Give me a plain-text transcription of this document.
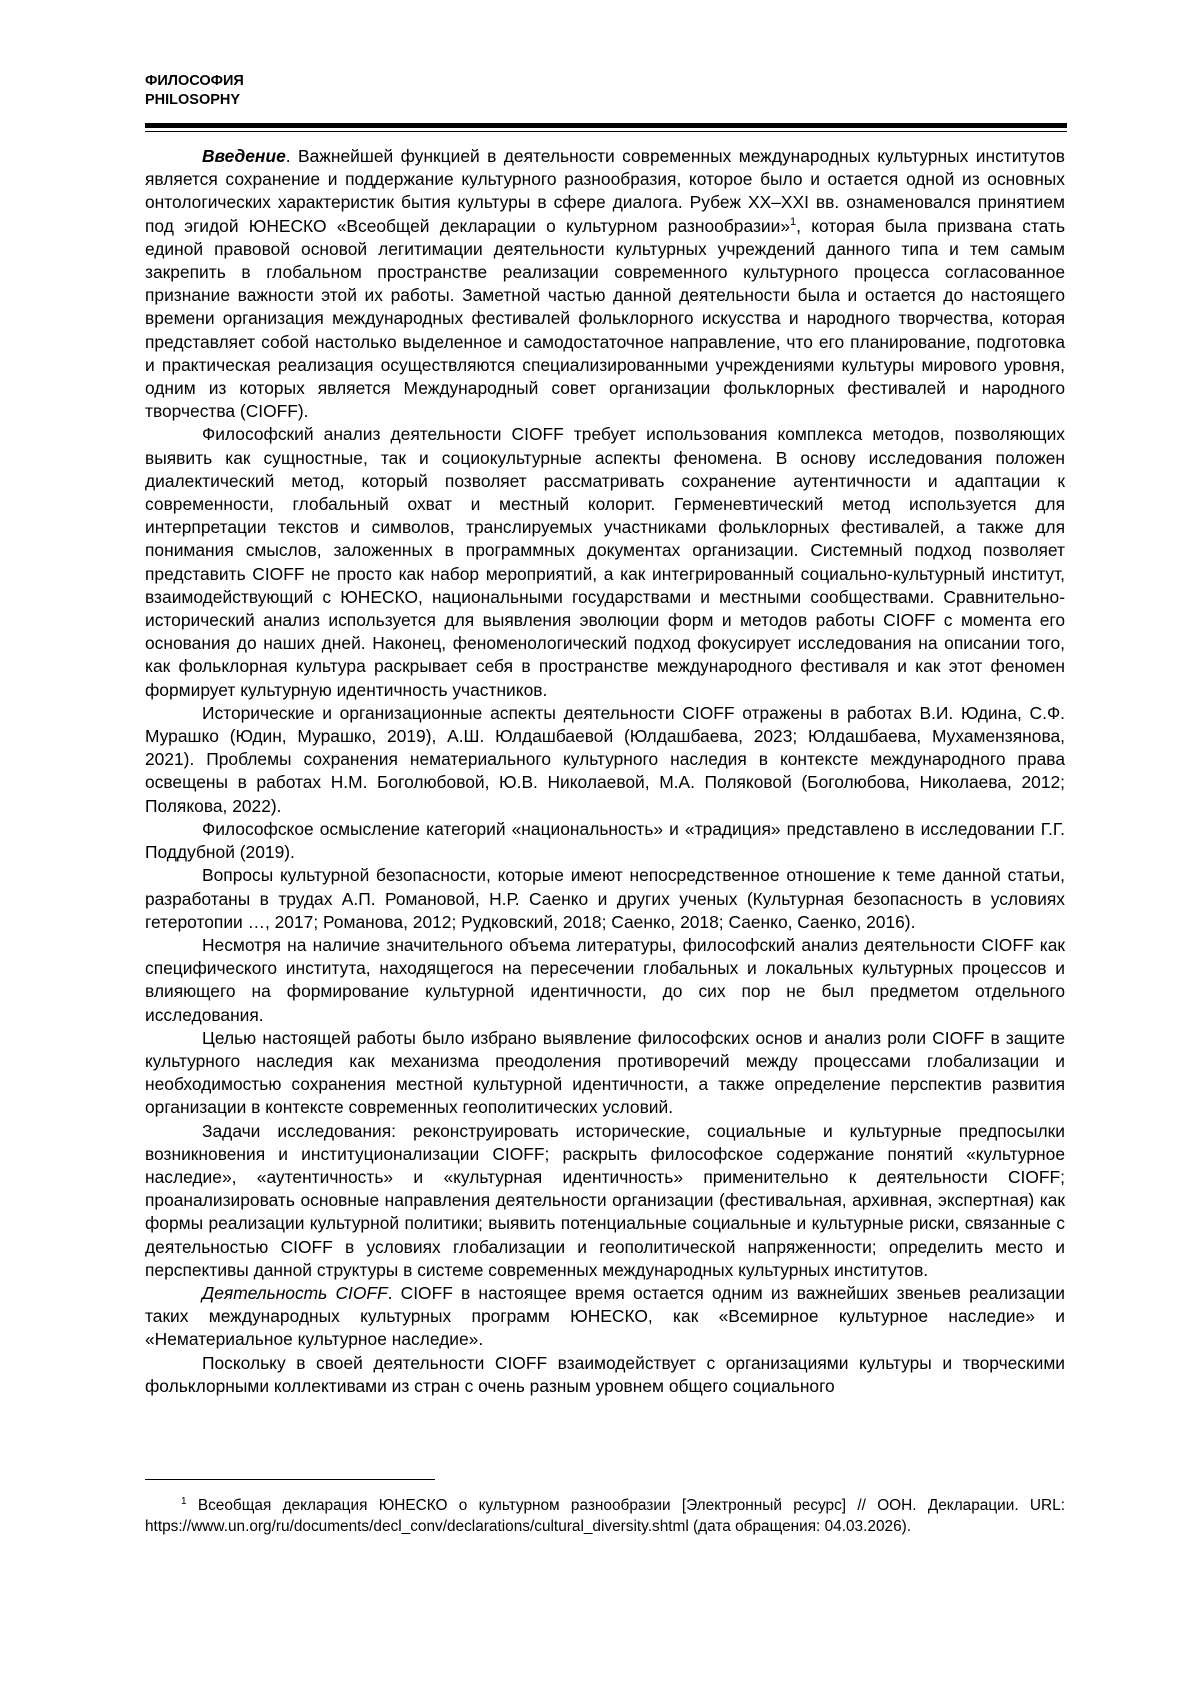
ФИЛОСОФИЯ
PHILOSOPHY

Введение. Важнейшей функцией в деятельности современных международных культурных институтов является сохранение и поддержание культурного разнообразия, которое было и остается одной из основных онтологических характеристик бытия культуры в сфере диалога. Рубеж XX–XXI вв. ознаменовался принятием под эгидой ЮНЕСКО «Всеобщей декларации о культурном разнообразии»$^1$, которая была призвана стать единой правовой основой легитимации деятельности культурных учреждений данного типа и тем самым закрепить в глобальном пространстве реализации современного культурного процесса согласованное признание важности этой их работы. Заметной частью данной деятельности была и остается до настоящего времени организация международных фестивалей фольклорного искусства и народного творчества, которая представляет собой настолько выделенное и самодостаточное направление, что его планирование, подготовка и практическая реализация осуществляются специализированными учреждениями культуры мирового уровня, одним из которых является Международный совет организации фольклорных фестивалей и народного творчества (CIOFF).

Философский анализ деятельности CIOFF требует использования комплекса методов, позволяющих выявить как сущностные, так и социокультурные аспекты феномена. В основу исследования положен диалектический метод, который позволяет рассматривать сохранение аутентичности и адаптации к современности, глобальный охват и местный колорит. Герменевтический метод используется для интерпретации текстов и символов, транслируемых участниками фольклорных фестивалей, а также для понимания смыслов, заложенных в программных документах организации. Системный подход позволяет представить CIOFF не просто как набор мероприятий, а как интегрированный социально-культурный институт, взаимодействующий с ЮНЕСКО, национальными государствами и местными сообществами. Сравнительно-исторический анализ используется для выявления эволюции форм и методов работы CIOFF с момента его основания до наших дней. Наконец, феноменологический подход фокусирует исследования на описании того, как фольклорная культура раскрывает себя в пространстве международного фестиваля и как этот феномен формирует культурную идентичность участников.

Исторические и организационные аспекты деятельности CIOFF отражены в работах В.И. Юдина, С.Ф. Мурашко (Юдин, Мурашко, 2019), А.Ш. Юлдашбаевой (Юлдашбаева, 2023; Юлдашбаева, Мухамензянова, 2021). Проблемы сохранения нематериального культурного наследия в контексте международного права освещены в работах Н.М. Боголюбовой, Ю.В. Николаевой, М.А. Поляковой (Боголюбова, Николаева, 2012; Полякова, 2022).

Философское осмысление категорий «национальность» и «традиция» представлено в исследовании Г.Г. Поддубной (2019).

Вопросы культурной безопасности, которые имеют непосредственное отношение к теме данной статьи, разработаны в трудах А.П. Романовой, Н.Р. Саенко и других ученых (Культурная безопасность в условиях гетеротопии …, 2017; Романова, 2012; Рудковский, 2018; Саенко, 2018; Саенко, Саенко, 2016).

Несмотря на наличие значительного объема литературы, философский анализ деятельности CIOFF как специфического института, находящегося на пересечении глобальных и локальных культурных процессов и влияющего на формирование культурной идентичности, до сих пор не был предметом отдельного исследования.

Целью настоящей работы было избрано выявление философских основ и анализ роли CIOFF в защите культурного наследия как механизма преодоления противоречий между процессами глобализации и необходимостью сохранения местной культурной идентичности, а также определение перспектив развития организации в контексте современных геополитических условий.

Задачи исследования: реконструировать исторические, социальные и культурные предпосылки возникновения и институционализации CIOFF; раскрыть философское содержание понятий «культурное наследие», «аутентичность» и «культурная идентичность» применительно к деятельности CIOFF; проанализировать основные направления деятельности организации (фестивальная, архивная, экспертная) как формы реализации культурной политики; выявить потенциальные социальные и культурные риски, связанные с деятельностью CIOFF в условиях глобализации и геополитической напряженности; определить место и перспективы данной структуры в системе современных международных культурных институтов.

Деятельность CIOFF. CIOFF в настоящее время остается одним из важнейших звеньев реализации таких международных культурных программ ЮНЕСКО, как «Всемирное культурное наследие» и «Нематериальное культурное наследие».

Поскольку в своей деятельности CIOFF взаимодействует с организациями культуры и творческими фольклорными коллективами из стран с очень разным уровнем общего социального

$^1$ Всеобщая декларация ЮНЕСКО о культурном разнообразии [Электронный ресурс] // ООН. Декларации. URL: https://www.un.org/ru/documents/decl_conv/declarations/cultural_diversity.shtml (дата обращения: 04.03.2026).
